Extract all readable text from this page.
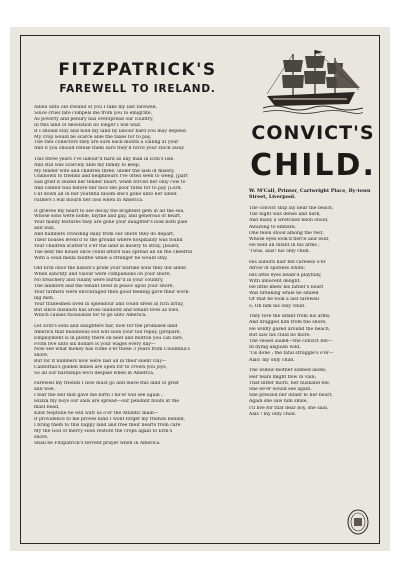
FITZPATRICK'S
FAREWELL TO IRELAND.
Adieu unto old Ireland of you I take my last farewell,
Since cruel fate compels me from you to emigrate,
As poverty and penury has overspread our country,
In this land of desolation no longer I will wait.
If I should stay and hold my land by labour hard you may depend
My crop would be scarce able the taxes for to pay,
The rate collectors they are sure each month a calling at your
And if you should refuse them sure they'll force your stock away
This three years I've labour'd hard as any man in Erin's Isle,
And still was scarcely able my family to keep,
My tender wife and children three, under the lash of misery,
Unknown to friends and neighbours I've often seen to weep, [part
Sad grief it seized her tender heart, when forced her only cow to
And canted was before her face the poor rates for to pay [Lord,
Cut down all in her youthful bloom she's gone unto her silent
Fathers I will mourn her loss when in America.
It grieves my heart to see decay the brightest gem in all the sea,
Whose sons were noble, blythe and gay, and generous of heart,
Your manly features they are gone your daughter's look both pale
and wan,
And numbers crowding daily from our shore they do depart,
Their houses levell'd to the ground where hospitality was found
Your children scatter'd o'er the land in misery to stray, [board,
The best the house once could afford was spread all on the cheerful
With a cead mella faulthe while a stranger he would stay.
Old Erin once the nation's pride your warlike sons they did abide
When sanctity and valour were companions on your shore,
No treachery and villany were nurtur'd in your country,
The landlord and the tenant lived in peace upon your shore,
Your farmers were encouraged then good feeding gave their work-
ing men,
Your tradesmen lived in splendour and could dress in rich array,
But since disunion has arose landlord and tenant lives as foes,
Which causes thousands for to go unto America.
Let Erin's sons and daughters fair, now for the promised land
America that beauteous soil will soon your toil repay, [prepare,
Employment is in plenty there on beef and mutton you can fare,
From five unto six dollars is your wages every day—
Now see what money has come o'er these 3 years from Columbia's
shore,
But for it numbers now were laid all in their silent clay—
California's golden mines are open for to crown you joys,
So all our hardships we'll despise when in America.
Farewell my friends I now must go and leave this land of grief
and woe,
I fear the sell that gave me birth I ne'er will see again ;
Huzza my boys our sails are spread—our pendant floats at the
mast head,
Kind Neptune he will waft us o'er the Atlantic main—
If providence to me proves kind I wont forget my friends behind,
I bring them to this happy land and free their hearts from care
My the God of mercy soon restore the crops again to Erin's
shore,
Shall be Fitzpatrick's fervent prayer when in America.
CONVICT'S
CHILD.
W. M'Call, Printer, Cartwright Place, By-town Street, Liverpool.
The convict ship lay near the beach,
The night was dense and dark,
And many a wretched felon stood,
Awaiting to embark.
One felon stood among the rest,
Whose eyes look'd fierce and wild,
He held an infant in his arms ;
'Twas, alas! his only child.
His auburn hair fell careless o'er
Afrow of spotless white;
His little eyes beam'd playfully,
With innocent delight.
He little knew his father's heart
Was breaking while he smiled
Or that he took a last farewell
o, Oh him his only child.
They tore the infant from his arms,
And dragged him from the shore,
He wildly gazed around the beach,
But saw his child no more.
The vessel sailed—the convict fell—
In dying anguish wild,
'Tis done ; the fatal struggle's o'er—
Alas! my only child.
The widow-mother sobbed alone;
Her tears might flow in vain;
That bitter morn, her husband fell,
She ne'er would see again.
She pressed her infant to her heart,
Again she saw him smile,
I'll live for that dear boy, she said,
Alas ! my only child.
